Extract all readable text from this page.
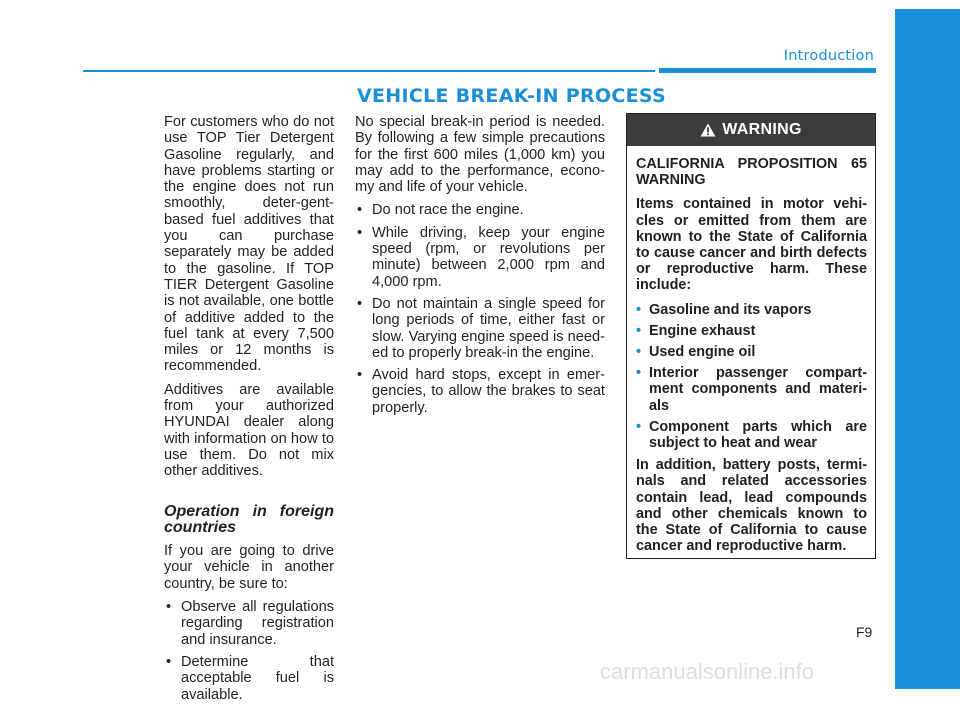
Introduction
VEHICLE BREAK-IN PROCESS

For customers who do not use TOP Tier Detergent Gasoline regularly, and have problems starting or the engine does not run smoothly, deter-gent-based fuel additives that you can purchase separately may be added to the gasoline. If TOP TIER Detergent Gasoline is not available, one bottle of additive added to the fuel tank at every 7,500 miles or 12 months is recommended.

Additives are available from your authorized HYUNDAI dealer along with information on how to use them. Do not mix other additives.

Operation in foreign countries

If you are going to drive your vehicle in another country, be sure to:

• Observe all regulations regarding registration and insurance.
• Determine that acceptable fuel is available.

No special break-in period is needed. By following a few simple precautions for the first 600 miles (1,000 km) you may add to the performance, econo-my and life of your vehicle.

• Do not race the engine.
• While driving, keep your engine speed (rpm, or revolutions per minute) between 2,000 rpm and 4,000 rpm.
• Do not maintain a single speed for long periods of time, either fast or slow. Varying engine speed is need-ed to properly break-in the engine.
• Avoid hard stops, except in emer-gencies, to allow the brakes to seat properly.
WARNING

CALIFORNIA PROPOSITION 65 WARNING

Items contained in motor vehi-cles or emitted from them are known to the State of California to cause cancer and birth defects or reproductive harm. These include:

• Gasoline and its vapors
• Engine exhaust
• Used engine oil
• Interior passenger compart-ment components and materi-als
• Component parts which are subject to heat and wear

In addition, battery posts, termi-nals and related accessories contain lead, lead compounds and other chemicals known to the State of California to cause cancer and reproductive harm.

F9
carmanualsonline.info
